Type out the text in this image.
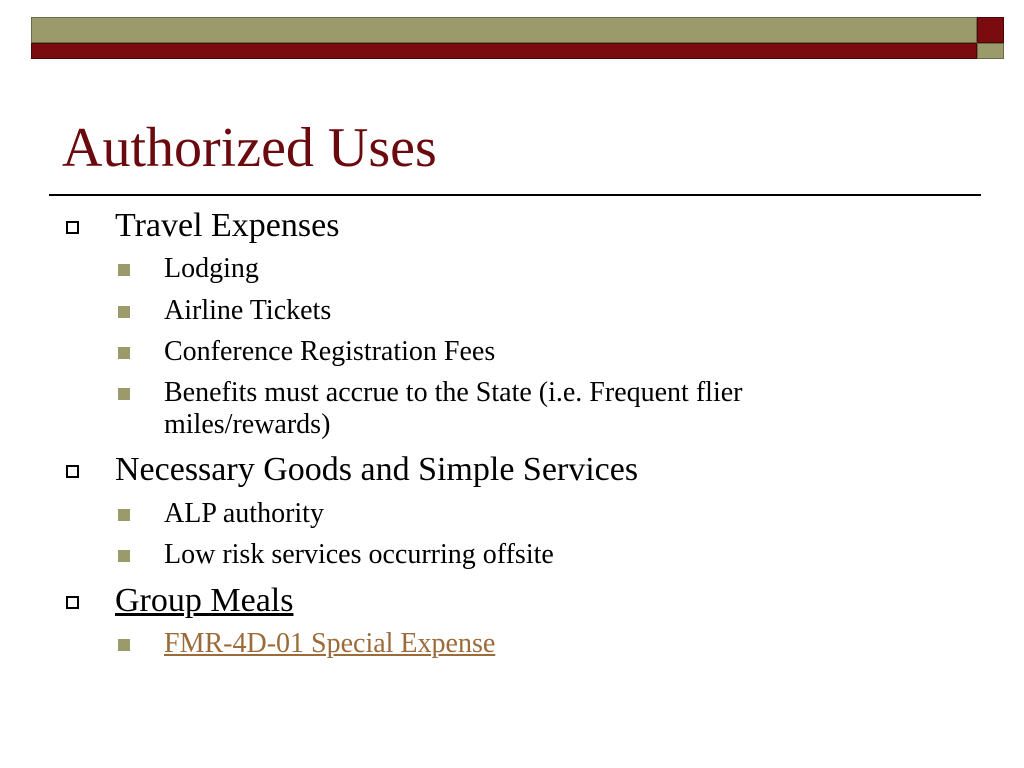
Authorized Uses
Travel Expenses
Lodging
Airline Tickets
Conference Registration Fees
Benefits must accrue to the State (i.e. Frequent flier miles/rewards)
Necessary Goods and Simple Services
ALP authority
Low risk services occurring offsite
Group Meals
FMR-4D-01 Special Expense
